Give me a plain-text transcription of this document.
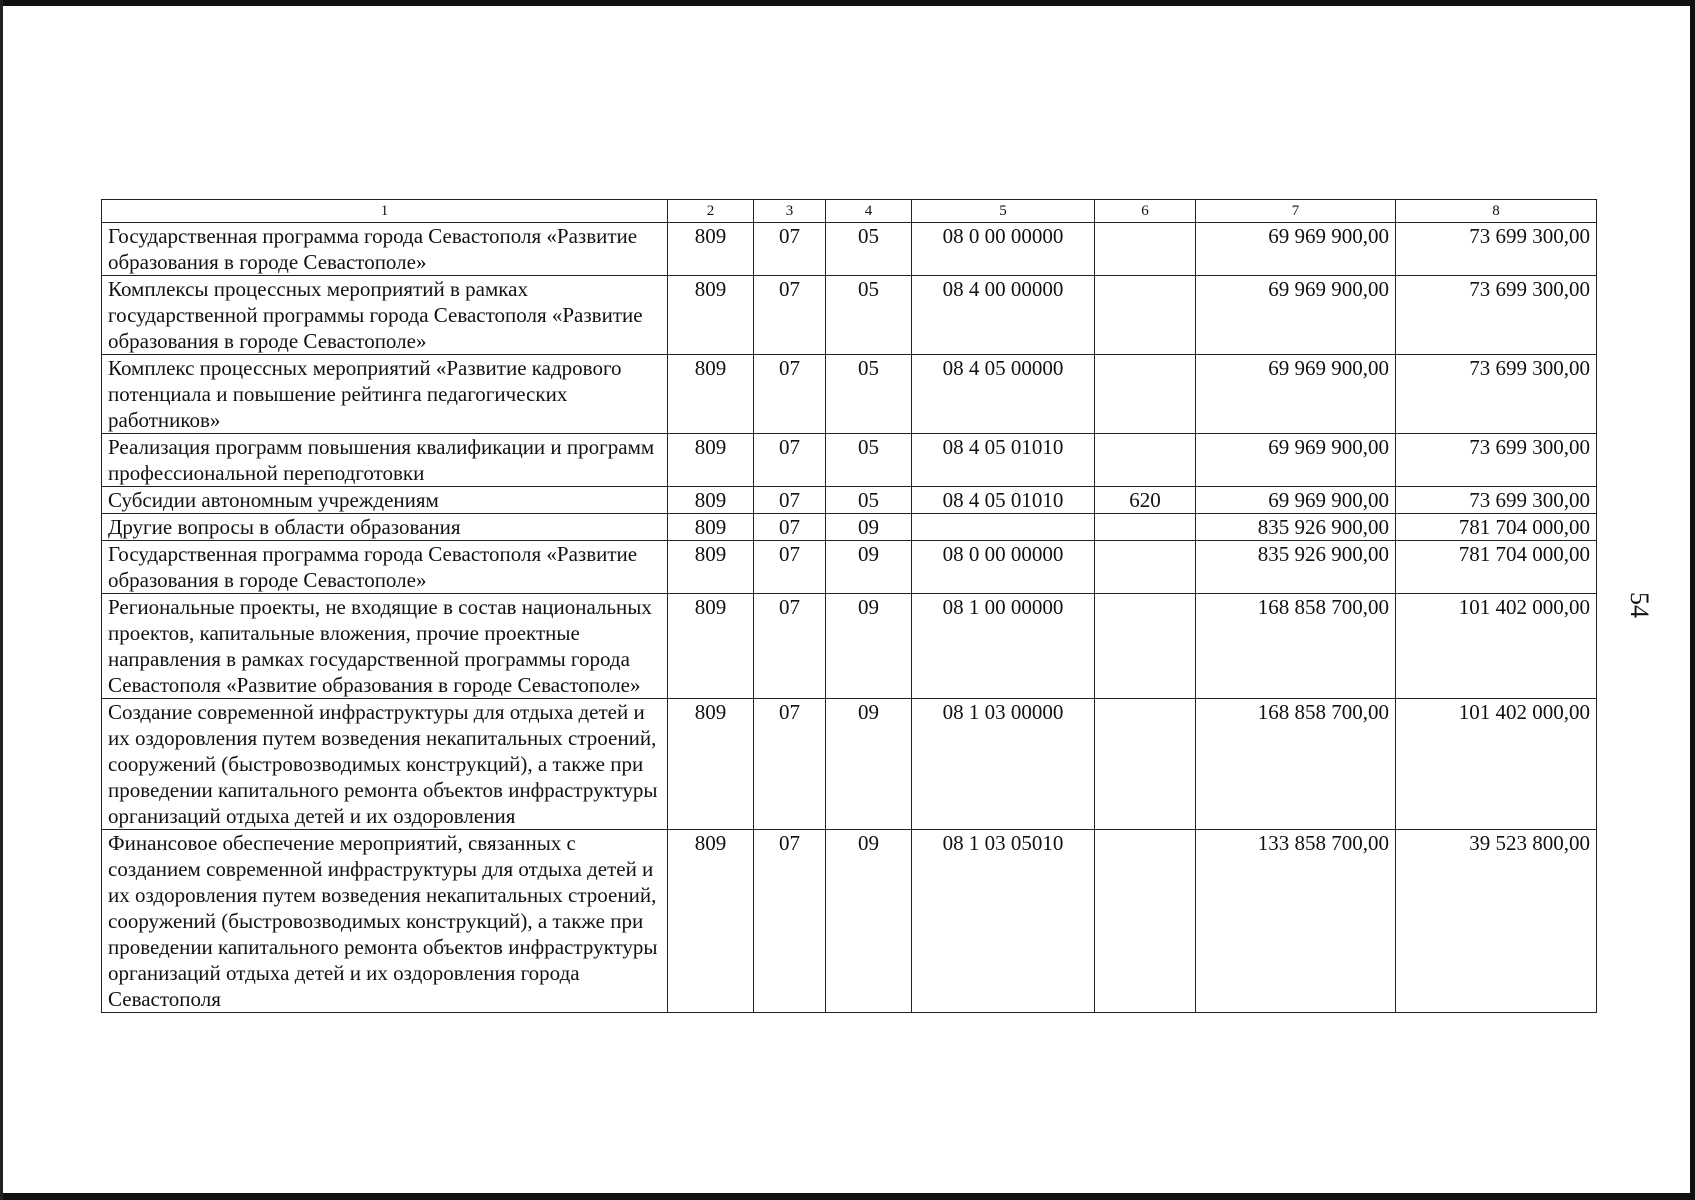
54
1	2	3	4	5	6	7	8
Государственная программа города Севастополя «Развитие образования в городе Севастополе»	809	07	05	08 0 00 00000		69 969 900,00	73 699 300,00
Комплексы процессных мероприятий в рамках государственной программы города Севастополя «Развитие образования в городе Севастополе»	809	07	05	08 4 00 00000		69 969 900,00	73 699 300,00
Комплекс процессных мероприятий «Развитие кадрового потенциала и повышение рейтинга педагогических работников»	809	07	05	08 4 05 00000		69 969 900,00	73 699 300,00
Реализация программ повышения квалификации и программ профессиональной переподготовки	809	07	05	08 4 05 01010		69 969 900,00	73 699 300,00
Субсидии автономным учреждениям	809	07	05	08 4 05 01010	620	69 969 900,00	73 699 300,00
Другие вопросы в области образования	809	07	09			835 926 900,00	781 704 000,00
Государственная программа города Севастополя «Развитие образования в городе Севастополе»	809	07	09	08 0 00 00000		835 926 900,00	781 704 000,00
Региональные проекты, не входящие в состав национальных проектов, капитальные вложения, прочие проектные направления в рамках государственной программы города Севастополя «Развитие образования в городе Севастополе»	809	07	09	08 1 00 00000		168 858 700,00	101 402 000,00
Создание современной инфраструктуры для отдыха детей и их оздоровления путем возведения некапитальных строений, сооружений (быстровозводимых конструкций), а также при проведении капитального ремонта объектов инфраструктуры организаций отдыха детей и их оздоровления	809	07	09	08 1 03 00000		168 858 700,00	101 402 000,00
Финансовое обеспечение мероприятий, связанных с созданием современной инфраструктуры для отдыха детей и их оздоровления путем возведения некапитальных строений, сооружений (быстровозводимых конструкций), а также при проведении капитального ремонта объектов инфраструктуры организаций отдыха детей и их оздоровления города Севастополя	809	07	09	08 1 03 05010		133 858 700,00	39 523 800,00
